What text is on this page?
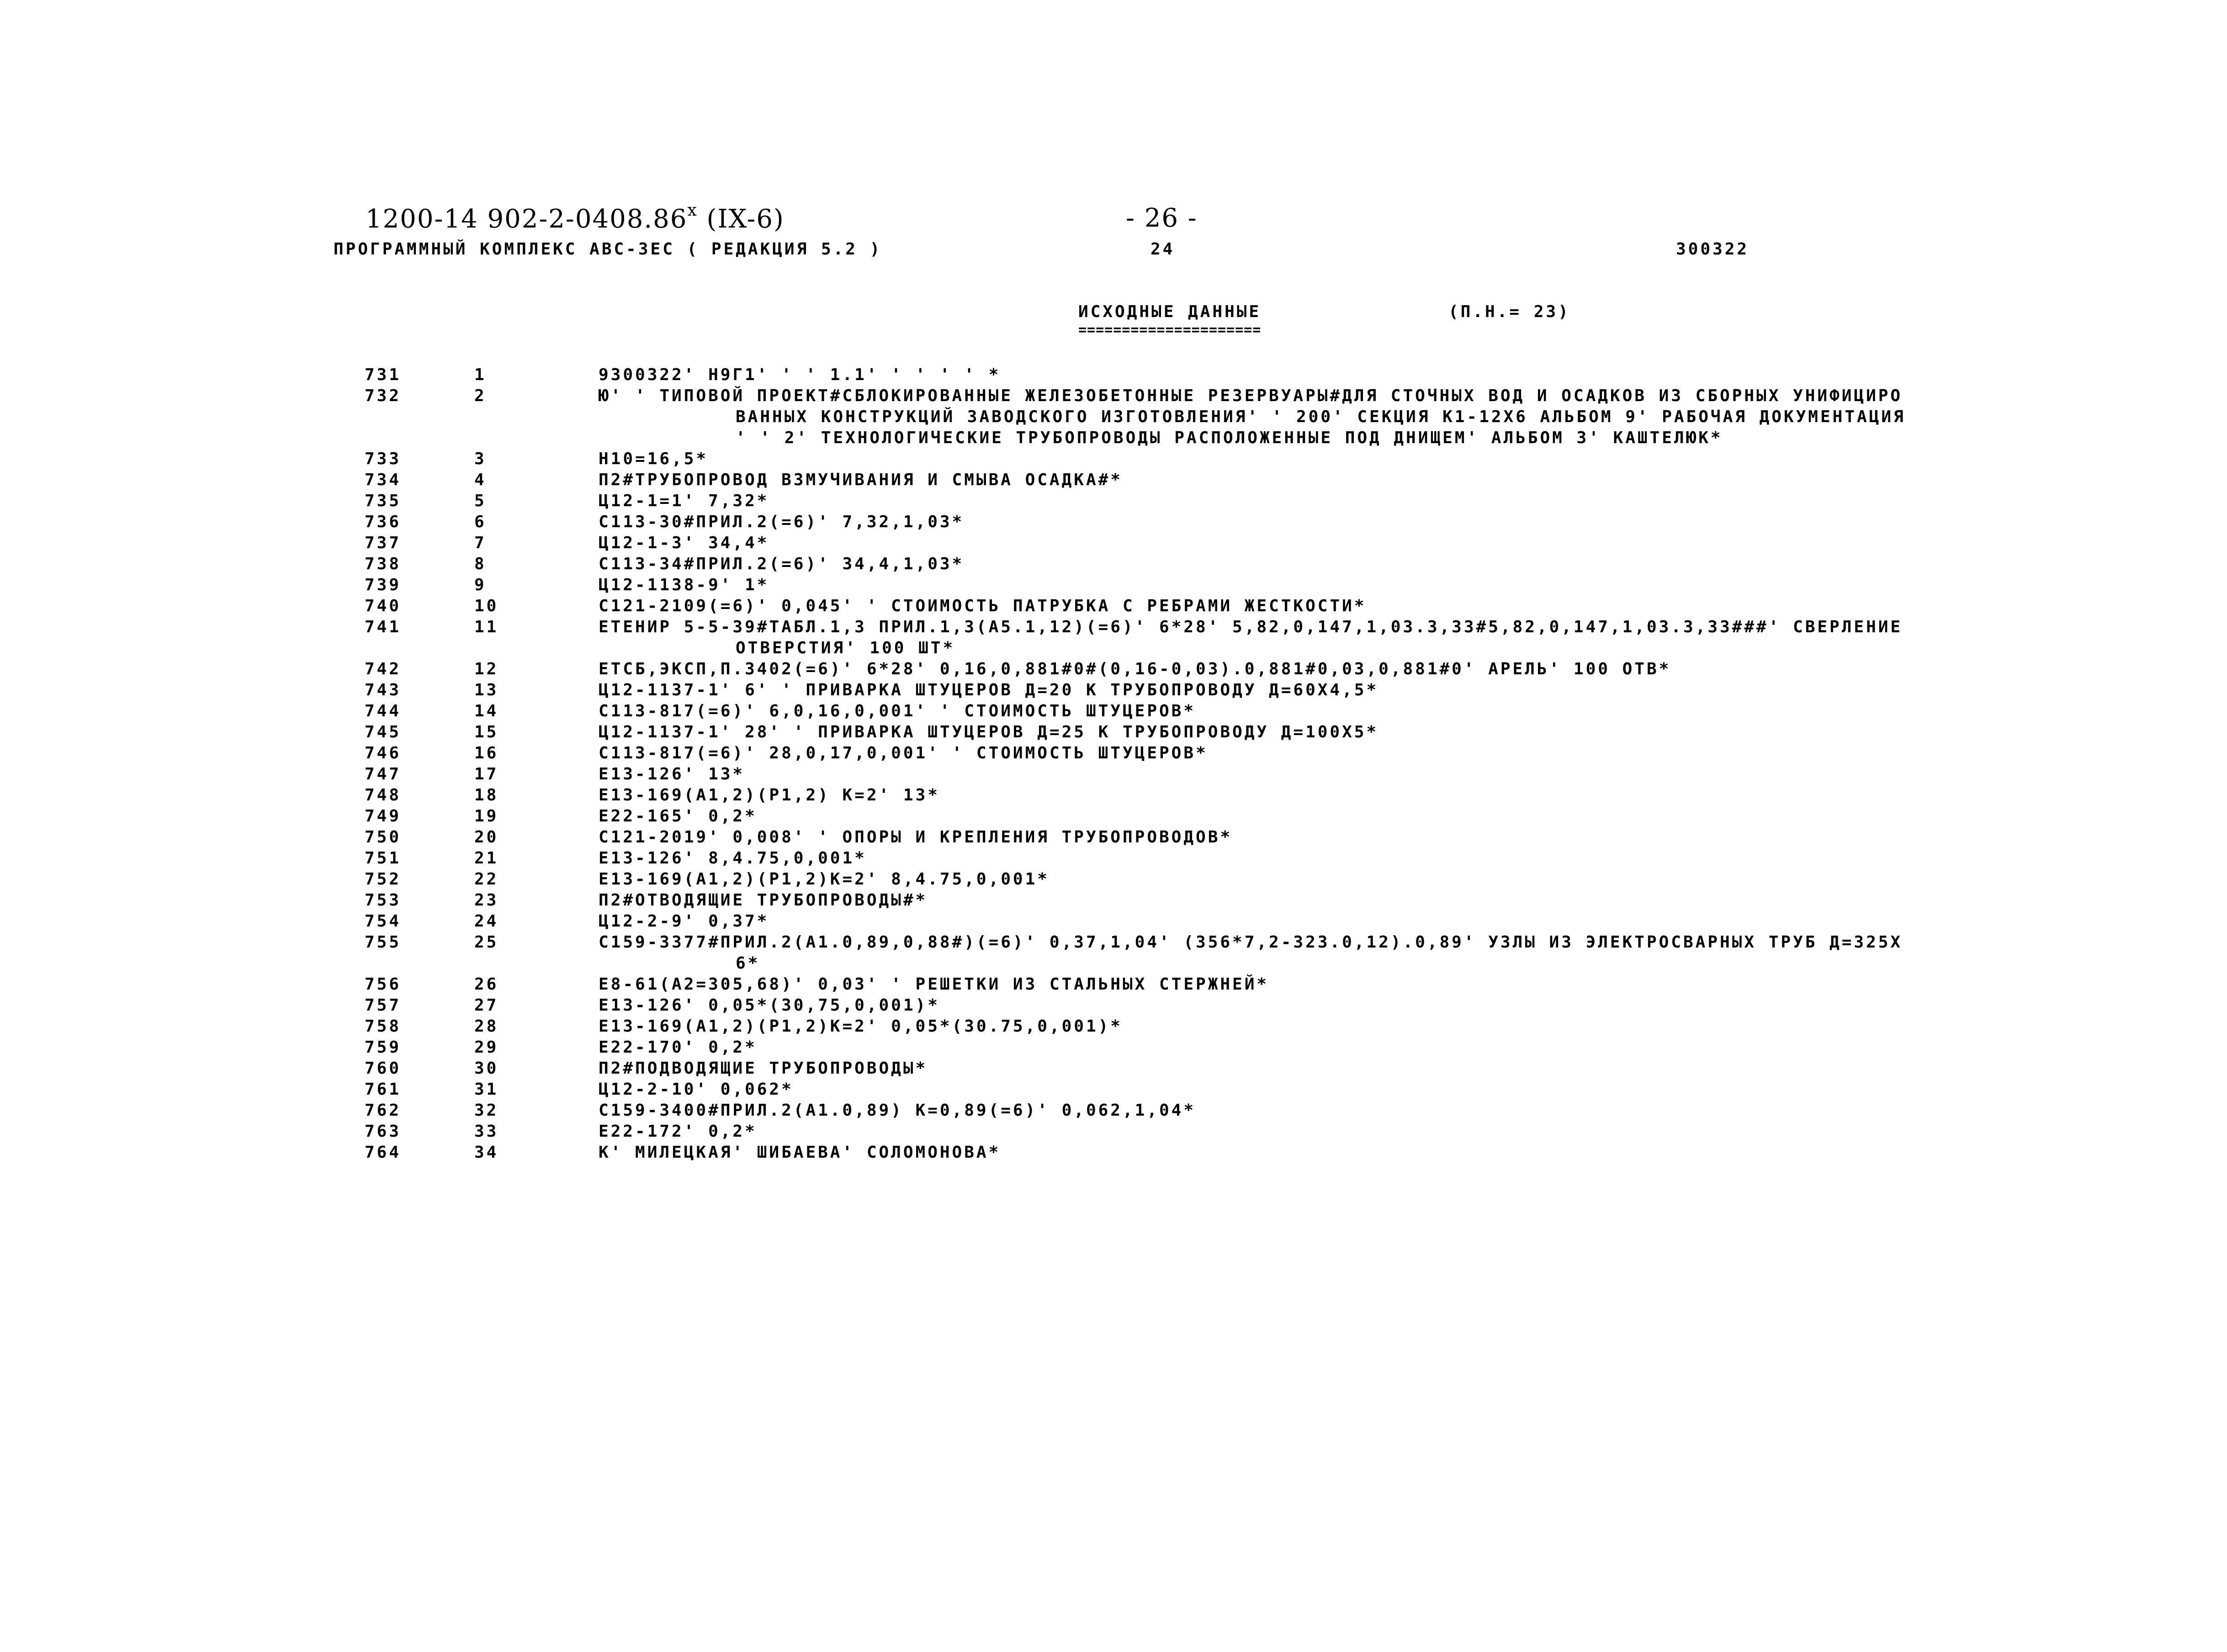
1200-14 902-2-0408.86$^x$ (IX-6)	- 26 -
ПРОГРАММНЫЙ КОМПЛЕКС АВС-3ЕС ( РЕДАКЦИЯ 5.2 )	24	300322
ИСХОДНЫЕ ДАННЫЕ
=====================
(П.Н.= 23)
731	1	9300322' Н9Г1' ' ' 1.1' ' ' ' ' *
732	2	Ю' ' ТИПОВОЙ ПРОЕКТ#СБЛОКИРОВАННЫЕ ЖЕЛЕЗОБЕТОННЫЕ РЕЗЕРВУАРЫ#ДЛЯ СТОЧНЫХ ВОД И ОСАДКОВ ИЗ СБОРНЫХ УНИФИЦИРО
ВАННЫХ КОНСТРУКЦИЙ ЗАВОДСКОГО ИЗГОТОВЛЕНИЯ' ' 200' СЕКЦИЯ К1-12Х6 АЛЬБОМ 9' РАБОЧАЯ ДОКУМЕНТАЦИЯ
' ' 2' ТЕХНОЛОГИЧЕСКИЕ ТРУБОПРОВОДЫ РАСПОЛОЖЕННЫЕ ПОД ДНИЩЕМ' АЛЬБОМ 3' КАШТЕЛЮК*
733	3	Н10=16,5*
734	4	П2#ТРУБОПРОВОД ВЗМУЧИВАНИЯ И СМЫВА ОСАДКА#*
735	5	Ц12-1=1' 7,32*
736	6	С113-30#ПРИЛ.2(=6)' 7,32,1,03*
737	7	Ц12-1-3' 34,4*
738	8	С113-34#ПРИЛ.2(=6)' 34,4,1,03*
739	9	Ц12-1138-9' 1*
740	10	С121-2109(=6)' 0,045' ' СТОИМОСТЬ ПАТРУБКА С РЕБРАМИ ЖЕСТКОСТИ*
741	11	ЕТЕНИР 5-5-39#ТАБЛ.1,3 ПРИЛ.1,3(А5.1,12)(=6)' 6*28' 5,82,0,147,1,03.3,33#5,82,0,147,1,03.3,33###' СВЕРЛЕНИЕ
ОТВЕРСТИЯ' 100 ШТ*
742	12	ЕТСБ,ЭКСП,П.3402(=6)' 6*28' 0,16,0,881#0#(0,16-0,03).0,881#0,03,0,881#0' АРЕЛЬ' 100 ОТВ*
743	13	Ц12-1137-1' 6' ' ПРИВАРКА ШТУЦЕРОВ Д=20 К ТРУБОПРОВОДУ Д=60Х4,5*
744	14	С113-817(=6)' 6,0,16,0,001' ' СТОИМОСТЬ ШТУЦЕРОВ*
745	15	Ц12-1137-1' 28' ' ПРИВАРКА ШТУЦЕРОВ Д=25 К ТРУБОПРОВОДУ Д=100Х5*
746	16	С113-817(=6)' 28,0,17,0,001' ' СТОИМОСТЬ ШТУЦЕРОВ*
747	17	Е13-126' 13*
748	18	Е13-169(А1,2)(Р1,2) К=2' 13*
749	19	Е22-165' 0,2*
750	20	С121-2019' 0,008' ' ОПОРЫ И КРЕПЛЕНИЯ ТРУБОПРОВОДОВ*
751	21	Е13-126' 8,4.75,0,001*
752	22	Е13-169(А1,2)(Р1,2)К=2' 8,4.75,0,001*
753	23	П2#ОТВОДЯЩИЕ ТРУБОПРОВОДЫ#*
754	24	Ц12-2-9' 0,37*
755	25	С159-3377#ПРИЛ.2(А1.0,89,0,88#)(=6)' 0,37,1,04' (356*7,2-323.0,12).0,89' УЗЛЫ ИЗ ЭЛЕКТРОСВАРНЫХ ТРУБ Д=325Х
6*
756	26	Е8-61(А2=305,68)' 0,03' ' РЕШЕТКИ ИЗ СТАЛЬНЫХ СТЕРЖНЕЙ*
757	27	Е13-126' 0,05*(30,75,0,001)*
758	28	Е13-169(А1,2)(Р1,2)К=2' 0,05*(30.75,0,001)*
759	29	Е22-170' 0,2*
760	30	П2#ПОДВОДЯЩИЕ ТРУБОПРОВОДЫ*
761	31	Ц12-2-10' 0,062*
762	32	С159-3400#ПРИЛ.2(А1.0,89) К=0,89(=6)' 0,062,1,04*
763	33	Е22-172' 0,2*
764	34	К' МИЛЕЦКАЯ' ШИБАЕВА' СОЛОМОНОВА*
